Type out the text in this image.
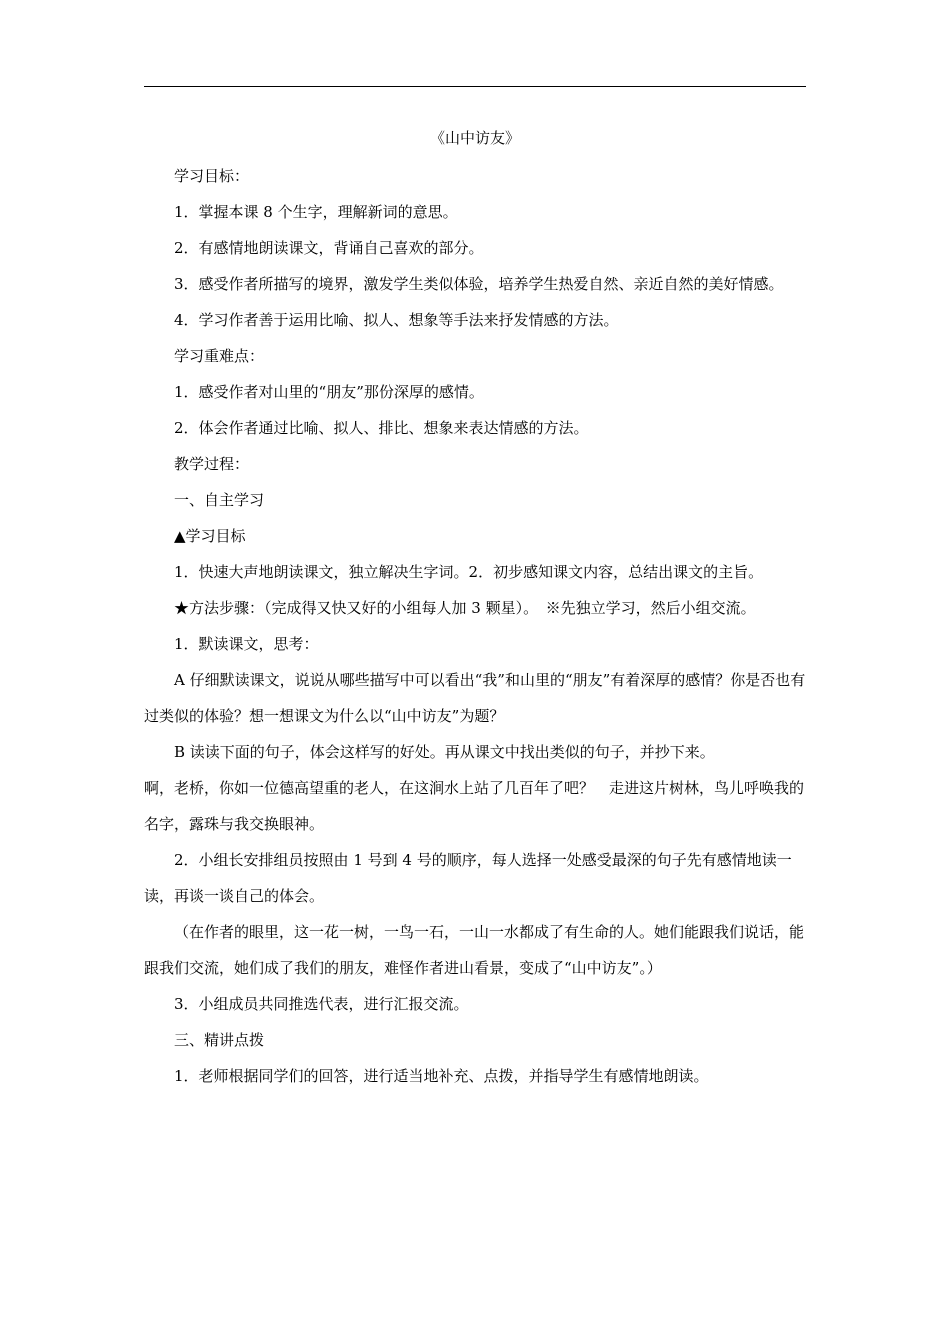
《山中访友》

学习目标：

1．掌握本课 8 个生字，理解新词的意思。

2．有感情地朗读课文，背诵自己喜欢的部分。

3．感受作者所描写的境界，激发学生类似体验，培养学生热爱自然、亲近自然的美好情感。

4．学习作者善于运用比喻、拟人、想象等手法来抒发情感的方法。

学习重难点：

1．感受作者对山里的“朋友”那份深厚的感情。

2．体会作者通过比喻、拟人、排比、想象来表达情感的方法。

教学过程：

一、自主学习

▲学习目标

1．快速大声地朗读课文，独立解决生字词。2．初步感知课文内容，总结出课文的主旨。

★方法步骤：（完成得又快又好的小组每人加 3 颗星）。　※先独立学习，然后小组交流。

1．默读课文，思考：

A 仔细默读课文，说说从哪些描写中可以看出“我”和山里的“朋友”有着深厚的感情？你是否也有过类似的体验？想一想课文为什么以“山中访友”为题？

B 读读下面的句子，体会这样写的好处。再从课文中找出类似的句子，并抄下来。

啊，老桥，你如一位德高望重的老人，在这涧水上站了几百年了吧？　走进这片树林，鸟儿呼唤我的名字，露珠与我交换眼神。

2．小组长安排组员按照由 1 号到 4 号的顺序，每人选择一处感受最深的句子先有感情地读一读，再谈一谈自己的体会。

（在作者的眼里，这一花一树，一鸟一石，一山一水都成了有生命的人。她们能跟我们说话，能跟我们交流，她们成了我们的朋友，难怪作者进山看景，变成了“山中访友”。）

3．小组成员共同推选代表，进行汇报交流。

三、精讲点拨

1．老师根据同学们的回答，进行适当地补充、点拨，并指导学生有感情地朗读。
